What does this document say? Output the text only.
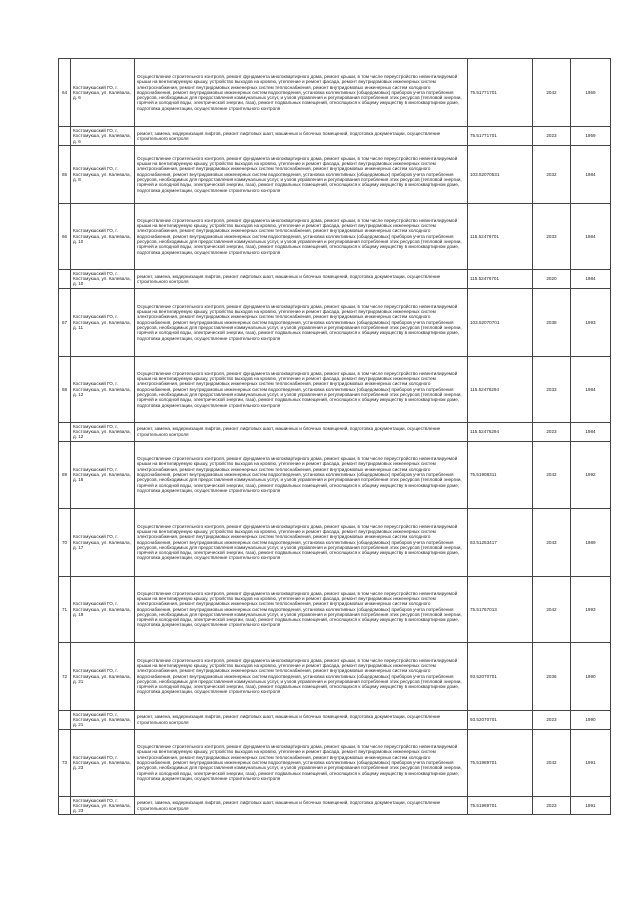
64	Костомукшский ГО, г. Костомукша, ул. Калевала, д. 6	Осуществление строительного контроля, ремонт фундамента многоквартирного дома, ремонт крыши, в том числе переустройство невентилируемой крыши на вентилируемую крышу, устройство выходов на кровлю, утепление и ремонт фасада, ремонт внутридомовых инженерных систем электроснабжения, ремонт внутридомовых инженерных систем теплоснабжения, ремонт внутридомовых инженерных систем холодного водоснабжения, ремонт внутридомовых инженерных систем водоотведения, установка коллективных (общедомовых) приборов учета потребления ресурсов, необходимых для предоставления коммунальных услуг, и узлов управления и регулирования потребления этих ресурсов (тепловой энергии, горячей и холодной воды, электрической энергии, газа), ремонт подвальных помещений, относящихся к общему имуществу в многоквартирном доме, подготовка документации, осуществление строительного контроля	75.51771701	2042	1959
	Костомукшский ГО, г. Костомукша, ул. Калевала, д. 6	ремонт, замена, модернизация лифтов, ремонт лифтовых шахт, машинных и блочных помещений, подготовка документации, осуществление строительного контроля	75.51771701	2023	1959
65	Костомукшский ГО, г. Костомукша, ул. Калевала, д. 8	Осуществление строительного контроля, ремонт фундамента многоквартирного дома, ремонт крыши, в том числе переустройство невентилируемой крыши на вентилируемую крышу, устройство выходов на кровлю, утепление и ремонт фасада, ремонт внутридомовых инженерных систем электроснабжения, ремонт внутридомовых инженерных систем теплоснабжения, ремонт внутридомовых инженерных систем холодного водоснабжения, ремонт внутридомовых инженерных систем водоотведения, установка коллективных (общедомовых) приборов учета потребления ресурсов, необходимых для предоставления коммунальных услуг, и узлов управления и регулирования потребления этих ресурсов (тепловой энергии, горячей и холодной воды, электрической энергии, газа), ремонт подвальных помещений, относящихся к общему имуществу в многоквартирном доме, подготовка документации, осуществление строительного контроля	103.52070531	2032	1984
66	Костомукшский ГО, г. Костомукша, ул. Калевала, д. 10	Осуществление строительного контроля, ремонт фундамента многоквартирного дома, ремонт крыши, в том числе переустройство невентилируемой крыши на вентилируемую крышу, устройство выходов на кровлю, утепление и ремонт фасада, ремонт внутридомовых инженерных систем электроснабжения, ремонт внутридомовых инженерных систем теплоснабжения, ремонт внутридомовых инженерных систем холодного водоснабжения, ремонт внутридомовых инженерных систем водоотведения, установка коллективных (общедомовых) приборов учета потребления ресурсов, необходимых для предоставления коммунальных услуг, и узлов управления и регулирования потребления этих ресурсов (тепловой энергии, горячей и холодной воды, электрической энергии, газа), ремонт подвальных помещений, относящихся к общему имуществу в многоквартирном доме, подготовка документации, осуществление строительного контроля	115.52476701	2033	1984
	Костомукшский ГО, г. Костомукша, ул. Калевала, д. 10	ремонт, замена, модернизация лифтов, ремонт лифтовых шахт, машинных и блочных помещений, подготовка документации, осуществление строительного контроля	115.52476701	2020	1984
67	Костомукшский ГО, г. Костомукша, ул. Калевала, д. 11	Осуществление строительного контроля, ремонт фундамента многоквартирного дома, ремонт крыши, в том числе переустройство невентилируемой крыши на вентилируемую крышу, устройство выходов на кровлю, утепление и ремонт фасада, ремонт внутридомовых инженерных систем электроснабжения, ремонт внутридомовых инженерных систем теплоснабжения, ремонт внутридомовых инженерных систем холодного водоснабжения, ремонт внутридомовых инженерных систем водоотведения, установка коллективных (общедомовых) приборов учета потребления ресурсов, необходимых для предоставления коммунальных услуг, и узлов управления и регулирования потребления этих ресурсов (тепловой энергии, горячей и холодной воды, электрической энергии, газа), ремонт подвальных помещений, относящихся к общему имуществу в многоквартирном доме, подготовка документации, осуществление строительного контроля	103.52070701	2038	1993
68	Костомукшский ГО, г. Костомукша, ул. Калевала, д. 12	Осуществление строительного контроля, ремонт фундамента многоквартирного дома, ремонт крыши, в том числе переустройство невентилируемой крыши на вентилируемую крышу, устройство выходов на кровлю, утепление и ремонт фасада, ремонт внутридомовых инженерных систем электроснабжения, ремонт внутридомовых инженерных систем теплоснабжения, ремонт внутридомовых инженерных систем холодного водоснабжения, ремонт внутридомовых инженерных систем водоотведения, установка коллективных (общедомовых) приборов учета потребления ресурсов, необходимых для предоставления коммунальных услуг, и узлов управления и регулирования потребления этих ресурсов (тепловой энергии, горячей и холодной воды, электрической энергии, газа), ремонт подвальных помещений, относящихся к общему имуществу в многоквартирном доме, подготовка документации, осуществление строительного контроля	115.52476294	2033	1984
	Костомукшский ГО, г. Костомукша, ул. Калевала, д. 12	ремонт, замена, модернизация лифтов, ремонт лифтовых шахт, машинных и блочных помещений, подготовка документации, осуществление строительного контроля	115.52476294	2023	1984
69	Костомукшский ГО, г. Костомукша, ул. Калевала, д. 16	Осуществление строительного контроля, ремонт фундамента многоквартирного дома, ремонт крыши, в том числе переустройство невентилируемой крыши на вентилируемую крышу, устройство выходов на кровлю, утепление и ремонт фасада, ремонт внутридомовых инженерных систем электроснабжения, ремонт внутридомовых инженерных систем теплоснабжения, ремонт внутридомовых инженерных систем холодного водоснабжения, ремонт внутридомовых инженерных систем водоотведения, установка коллективных (общедомовых) приборов учета потребления ресурсов, необходимых для предоставления коммунальных услуг, и узлов управления и регулирования потребления этих ресурсов (тепловой энергии, горячей и холодной воды, электрической энергии, газа), ремонт подвальных помещений, относящихся к общему имуществу в многоквартирном доме, подготовка документации, осуществление строительного контроля	75.51908311	2042	1992
70	Костомукшский ГО, г. Костомукша, ул. Калевала, д. 17	Осуществление строительного контроля, ремонт фундамента многоквартирного дома, ремонт крыши, в том числе переустройство невентилируемой крыши на вентилируемую крышу, устройство выходов на кровлю, утепление и ремонт фасада, ремонт внутридомовых инженерных систем электроснабжения, ремонт внутридомовых инженерных систем теплоснабжения, ремонт внутридомовых инженерных систем холодного водоснабжения, ремонт внутридомовых инженерных систем водоотведения, установка коллективных (общедомовых) приборов учета потребления ресурсов, необходимых для предоставления коммунальных услуг, и узлов управления и регулирования потребления этих ресурсов (тепловой энергии, горячей и холодной воды, электрической энергии, газа), ремонт подвальных помещений, относящихся к общему имуществу в многоквартирном доме, подготовка документации, осуществление строительного контроля	63.51253417	2043	1989
71	Костомукшский ГО, г. Костомукша, ул. Калевала, д. 19	Осуществление строительного контроля, ремонт фундамента многоквартирного дома, ремонт крыши, в том числе переустройство невентилируемой крыши на вентилируемую крышу, устройство выходов на кровлю, утепление и ремонт фасада, ремонт внутридомовых инженерных систем электроснабжения, ремонт внутридомовых инженерных систем теплоснабжения, ремонт внутридомовых инженерных систем холодного водоснабжения, ремонт внутридомовых инженерных систем водоотведения, установка коллективных (общедомовых) приборов учета потребления ресурсов, необходимых для предоставления коммунальных услуг, и узлов управления и регулирования потребления этих ресурсов (тепловой энергии, горячей и холодной воды, электрической энергии, газа), ремонт подвальных помещений, относящихся к общему имуществу в многоквартирном доме, подготовка документации, осуществление строительного контроля	75.51767013	2042	1993
72	Костомукшский ГО, г. Костомукша, ул. Калевала, д. 21	Осуществление строительного контроля, ремонт фундамента многоквартирного дома, ремонт крыши, в том числе переустройство невентилируемой крыши на вентилируемую крышу, устройство выходов на кровлю, утепление и ремонт фасада, ремонт внутридомовых инженерных систем электроснабжения, ремонт внутридомовых инженерных систем теплоснабжения, ремонт внутридомовых инженерных систем холодного водоснабжения, ремонт внутридомовых инженерных систем водоотведения, установка коллективных (общедомовых) приборов учета потребления ресурсов, необходимых для предоставления коммунальных услуг, и узлов управления и регулирования потребления этих ресурсов (тепловой энергии, горячей и холодной воды, электрической энергии, газа), ремонт подвальных помещений, относящихся к общему имуществу в многоквартирном доме, подготовка документации, осуществление строительного контроля	93.52070701	2036	1990
	Костомукшский ГО, г. Костомукша, ул. Калевала, д. 21	ремонт, замена, модернизация лифтов, ремонт лифтовых шахт, машинных и блочных помещений, подготовка документации, осуществление строительного контроля	93.52070701	2023	1990
73	Костомукшский ГО, г. Костомукша, ул. Калевала, д. 23	Осуществление строительного контроля, ремонт фундамента многоквартирного дома, ремонт крыши, в том числе переустройство невентилируемой крыши на вентилируемую крышу, устройство выходов на кровлю, утепление и ремонт фасада, ремонт внутридомовых инженерных систем электроснабжения, ремонт внутридомовых инженерных систем теплоснабжения, ремонт внутридомовых инженерных систем холодного водоснабжения, ремонт внутридомовых инженерных систем водоотведения, установка коллективных (общедомовых) приборов учета потребления ресурсов, необходимых для предоставления коммунальных услуг, и узлов управления и регулирования потребления этих ресурсов (тепловой энергии, горячей и холодной воды, электрической энергии, газа), ремонт подвальных помещений, относящихся к общему имуществу в многоквартирном доме, подготовка документации, осуществление строительного контроля	75.51989701	2042	1991
	Костомукшский ГО, г. Костомукша, ул. Калевала, д. 23	ремонт, замена, модернизация лифтов, ремонт лифтовых шахт, машинных и блочных помещений, подготовка документации, осуществление строительного контроля	75.51989701	2023	1991
